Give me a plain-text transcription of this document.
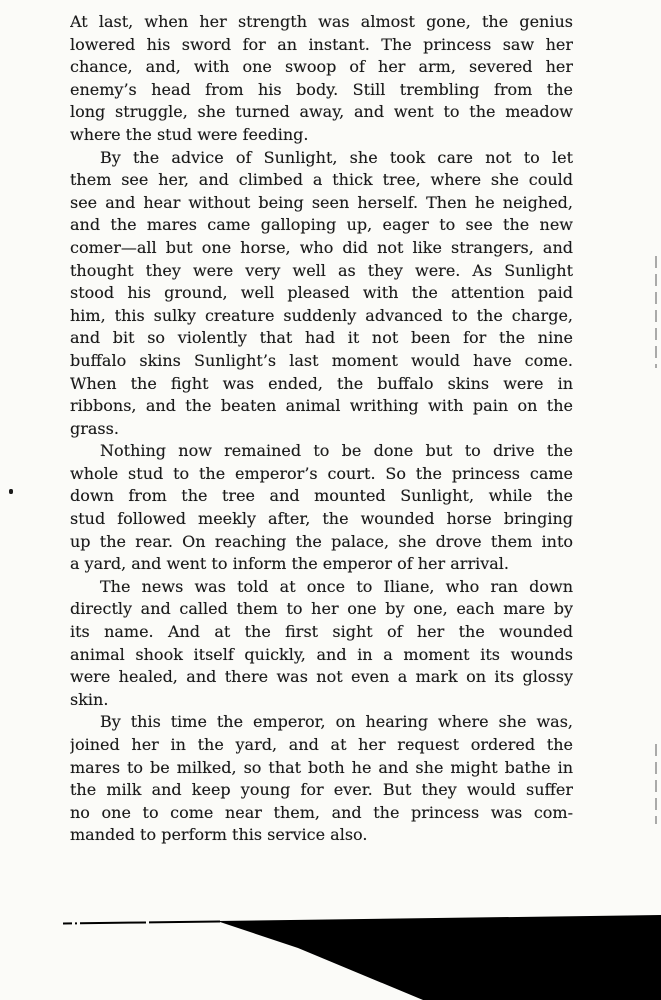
At last, when her strength was almost gone, the genius
lowered his sword for an instant. The princess saw her
chance, and, with one swoop of her arm, severed her
enemy’s head from his body. Still trembling from the
long struggle, she turned away, and went to the meadow
where the stud were feeding.

By the advice of Sunlight, she took care not to let
them see her, and climbed a thick tree, where she could
see and hear without being seen herself. Then he neighed,
and the mares came galloping up, eager to see the new
comer—all but one horse, who did not like strangers, and
thought they were very well as they were. As Sunlight
stood his ground, well pleased with the attention paid
him, this sulky creature suddenly advanced to the charge,
and bit so violently that had it not been for the nine
buffalo skins Sunlight’s last moment would have come.
When the fight was ended, the buffalo skins were in
ribbons, and the beaten animal writhing with pain on the
grass.

Nothing now remained to be done but to drive the
whole stud to the emperor’s court. So the princess came
down from the tree and mounted Sunlight, while the
stud followed meekly after, the wounded horse bringing
up the rear. On reaching the palace, she drove them into
a yard, and went to inform the emperor of her arrival.

The news was told at once to Iliane, who ran down
directly and called them to her one by one, each mare by
its name. And at the first sight of her the wounded
animal shook itself quickly, and in a moment its wounds
were healed, and there was not even a mark on its glossy
skin.

By this time the emperor, on hearing where she was,
joined her in the yard, and at her request ordered the
mares to be milked, so that both he and she might bathe in
the milk and keep young for ever. But they would suffer
no one to come near them, and the princess was com-
manded to perform this service also.
